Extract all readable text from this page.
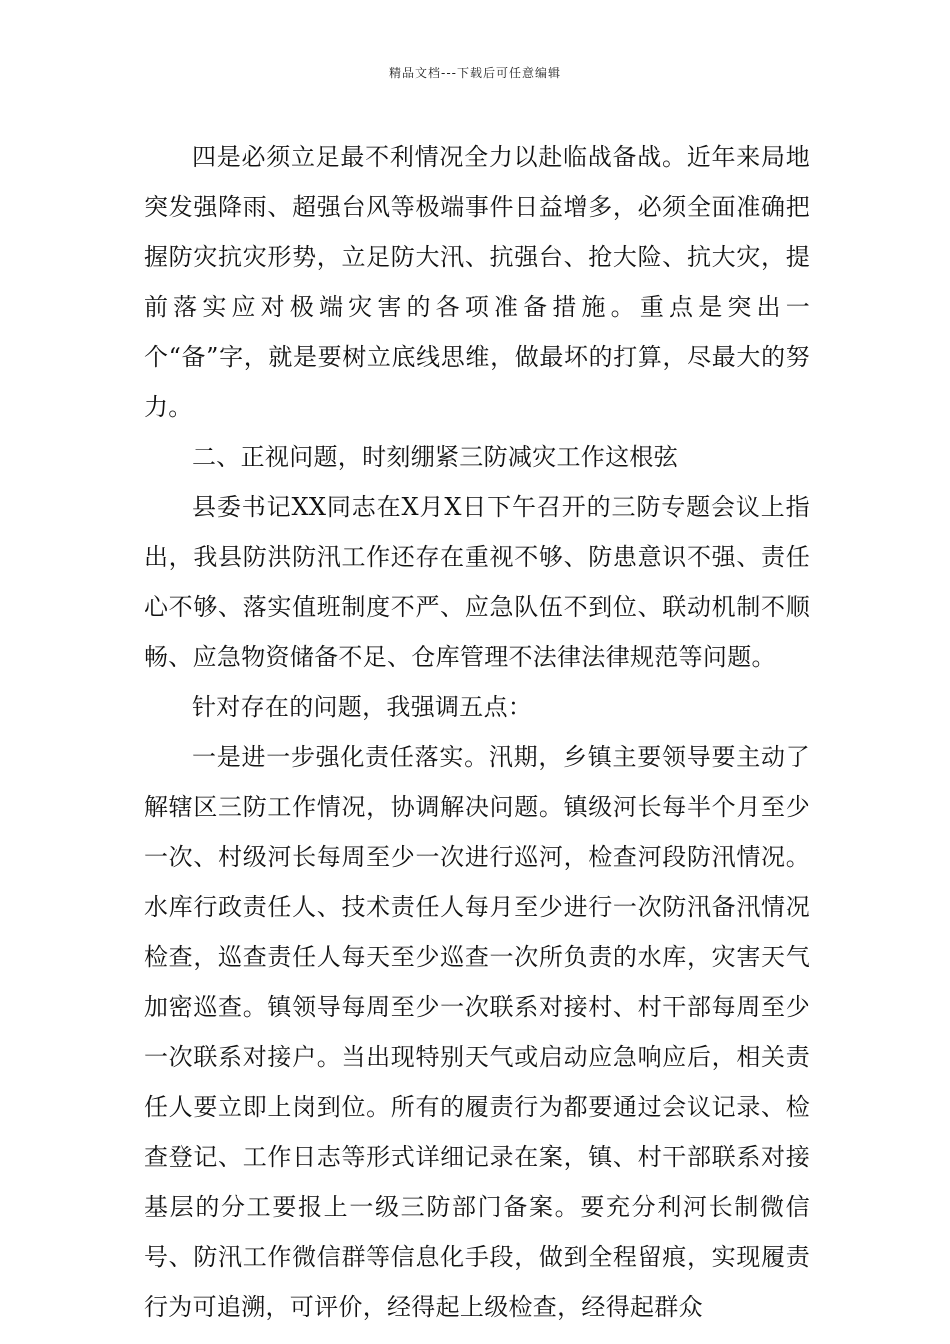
精品文档---下载后可任意编辑

四是必须立足最不利情况全力以赴临战备战。近年来局地突发强降雨、超强台风等极端事件日益增多，必须全面准确把握防灾抗灾形势，立足防大汛、抗强台、抢大险、抗大灾，提前落实应对极端灾害的各项准备措施。重点是突出一个“备”字，就是要树立底线思维，做最坏的打算，尽最大的努力。

二、正视问题，时刻绷紧三防减灾工作这根弦

县委书记XX同志在X月X日下午召开的三防专题会议上指出，我县防洪防汛工作还存在重视不够、防患意识不强、责任心不够、落实值班制度不严、应急队伍不到位、联动机制不顺畅、应急物资储备不足、仓库管理不法律法律规范等问题。

针对存在的问题，我强调五点：

一是进一步强化责任落实。汛期，乡镇主要领导要主动了解辖区三防工作情况，协调解决问题。镇级河长每半个月至少一次、村级河长每周至少一次进行巡河，检查河段防汛情况。水库行政责任人、技术责任人每月至少进行一次防汛备汛情况检查，巡查责任人每天至少巡查一次所负责的水库，灾害天气加密巡查。镇领导每周至少一次联系对接村、村干部每周至少一次联系对接户。当出现特别天气或启动应急响应后，相关责任人要立即上岗到位。所有的履责行为都要通过会议记录、检查登记、工作日志等形式详细记录在案，镇、村干部联系对接基层的分工要报上一级三防部门备案。要充分利河长制微信号、防汛工作微信群等信息化手段，做到全程留痕，实现履责行为可追溯，可评价，经得起上级检查，经得起群众
